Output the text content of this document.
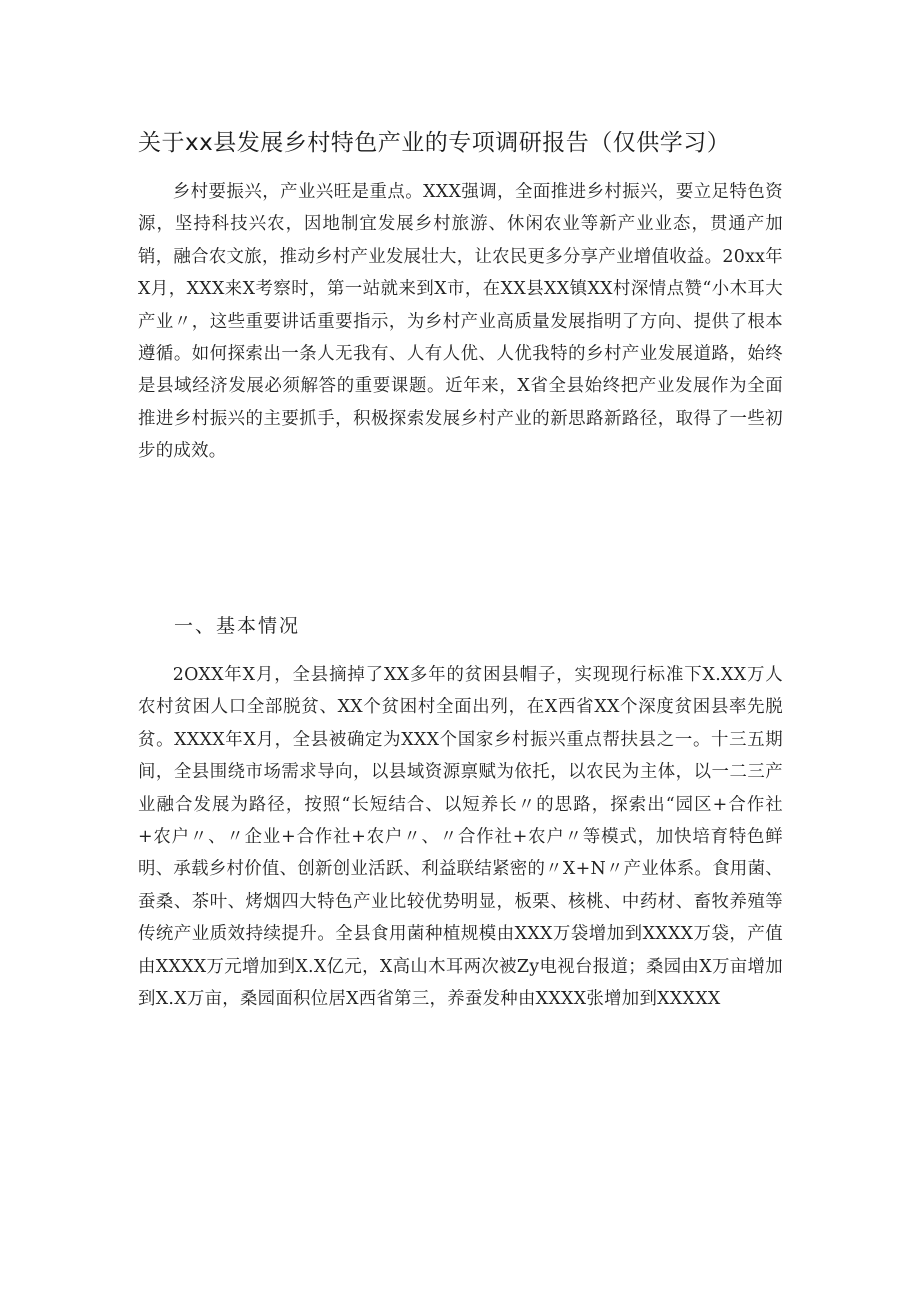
关于xx县发展乡村特色产业的专项调研报告（仅供学习）

乡村要振兴，产业兴旺是重点。XXX强调，全面推进乡村振兴，要立足特色资源，坚持科技兴农，因地制宜发展乡村旅游、休闲农业等新产业业态，贯通产加销，融合农文旅，推动乡村产业发展壮大，让农民更多分享产业增值收益。20xx年X月，XXX来X考察时，第一站就来到X市，在XX县XX镇XX村深情点赞“小木耳大产业〃，这些重要讲话重要指示，为乡村产业高质量发展指明了方向、提供了根本遵循。如何探索出一条人无我有、人有人优、人优我特的乡村产业发展道路，始终是县域经济发展必须解答的重要课题。近年来，X省全县始终把产业发展作为全面推进乡村振兴的主要抓手，积极探索发展乡村产业的新思路新路径，取得了一些初步的成效。

一、基本情况

2OXX年X月，全县摘掉了XX多年的贫困县帽子，实现现行标准下X.XX万人农村贫困人口全部脱贫、XX个贫困村全面出列，在X西省XX个深度贫困县率先脱贫。XXXX年X月，全县被确定为XXX个国家乡村振兴重点帮扶县之一。十三五期间，全县围绕市场需求导向，以县域资源禀赋为依托，以农民为主体，以一二三产业融合发展为路径，按照“长短结合、以短养长〃的思路，探索出“园区+合作社+农户〃、〃企业+合作社+农户〃、〃合作社+农户〃等模式，加快培育特色鲜明、承载乡村价值、创新创业活跃、利益联结紧密的〃X+N〃产业体系。食用菌、蚕桑、茶叶、烤烟四大特色产业比较优势明显，板栗、核桃、中药材、畜牧养殖等传统产业质效持续提升。全县食用菌种植规模由XXX万袋增加到XXXX万袋，产值由XXXX万元增加到X.X亿元，X高山木耳两次被Zy电视台报道；桑园由X万亩增加到X.X万亩，桑园面积位居X西省第三，养蚕发种由XXXX张增加到XXXXX
